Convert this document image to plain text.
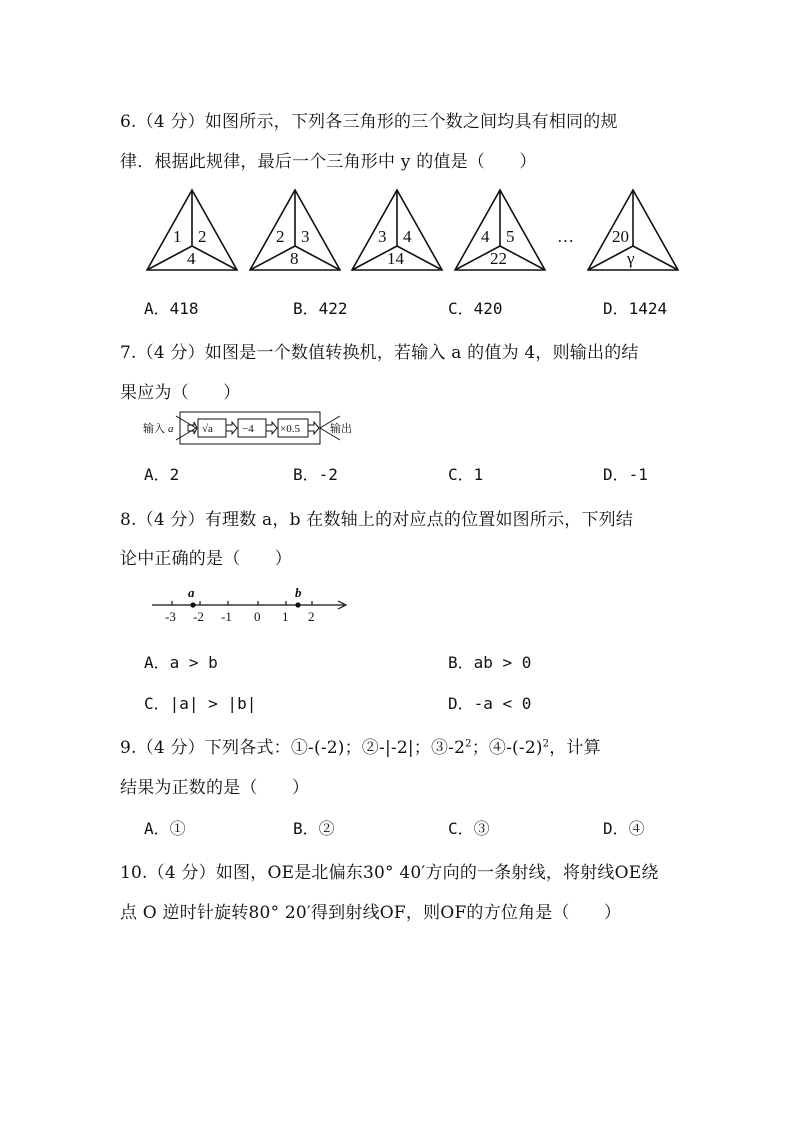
6.（4 分）如图所示，下列各三角形的三个数之间均具有相同的规
律．根据此规律，最后一个三角形中 y 的值是（　　）
1 2
4
2 3
8
3 4
14
4 5
22
20
γ
…
A．418	B．422	C．420	D．1424
7.（4 分）如图是一个数值转换机，若输入 a 的值为 4，则输出的结
果应为（　　）
输入 a	√a	−4 ×0.5	输出
A．2	B．-2	C．1	D．-1
8.（4 分）有理数 a，b 在数轴上的对应点的位置如图所示，下列结
论中正确的是（　　）
a	b
-3 -2 -1 0 1 2
A．a > b	B．ab > 0
C．|a| > |b|	D．-a < 0
9.（4 分）下列各式：①-(-2)；②-|-2|；$③-2^2$；$④-(-2)^2$，计算
结果为正数的是（　　）
A．①	B．②	C．③	D．④
10.（4 分）如图，OE是北偏东30° 40′方向的一条射线，将射线OE绕
点 O 逆时针旋转80° 20′得到射线OF，则OF的方位角是（　　）
